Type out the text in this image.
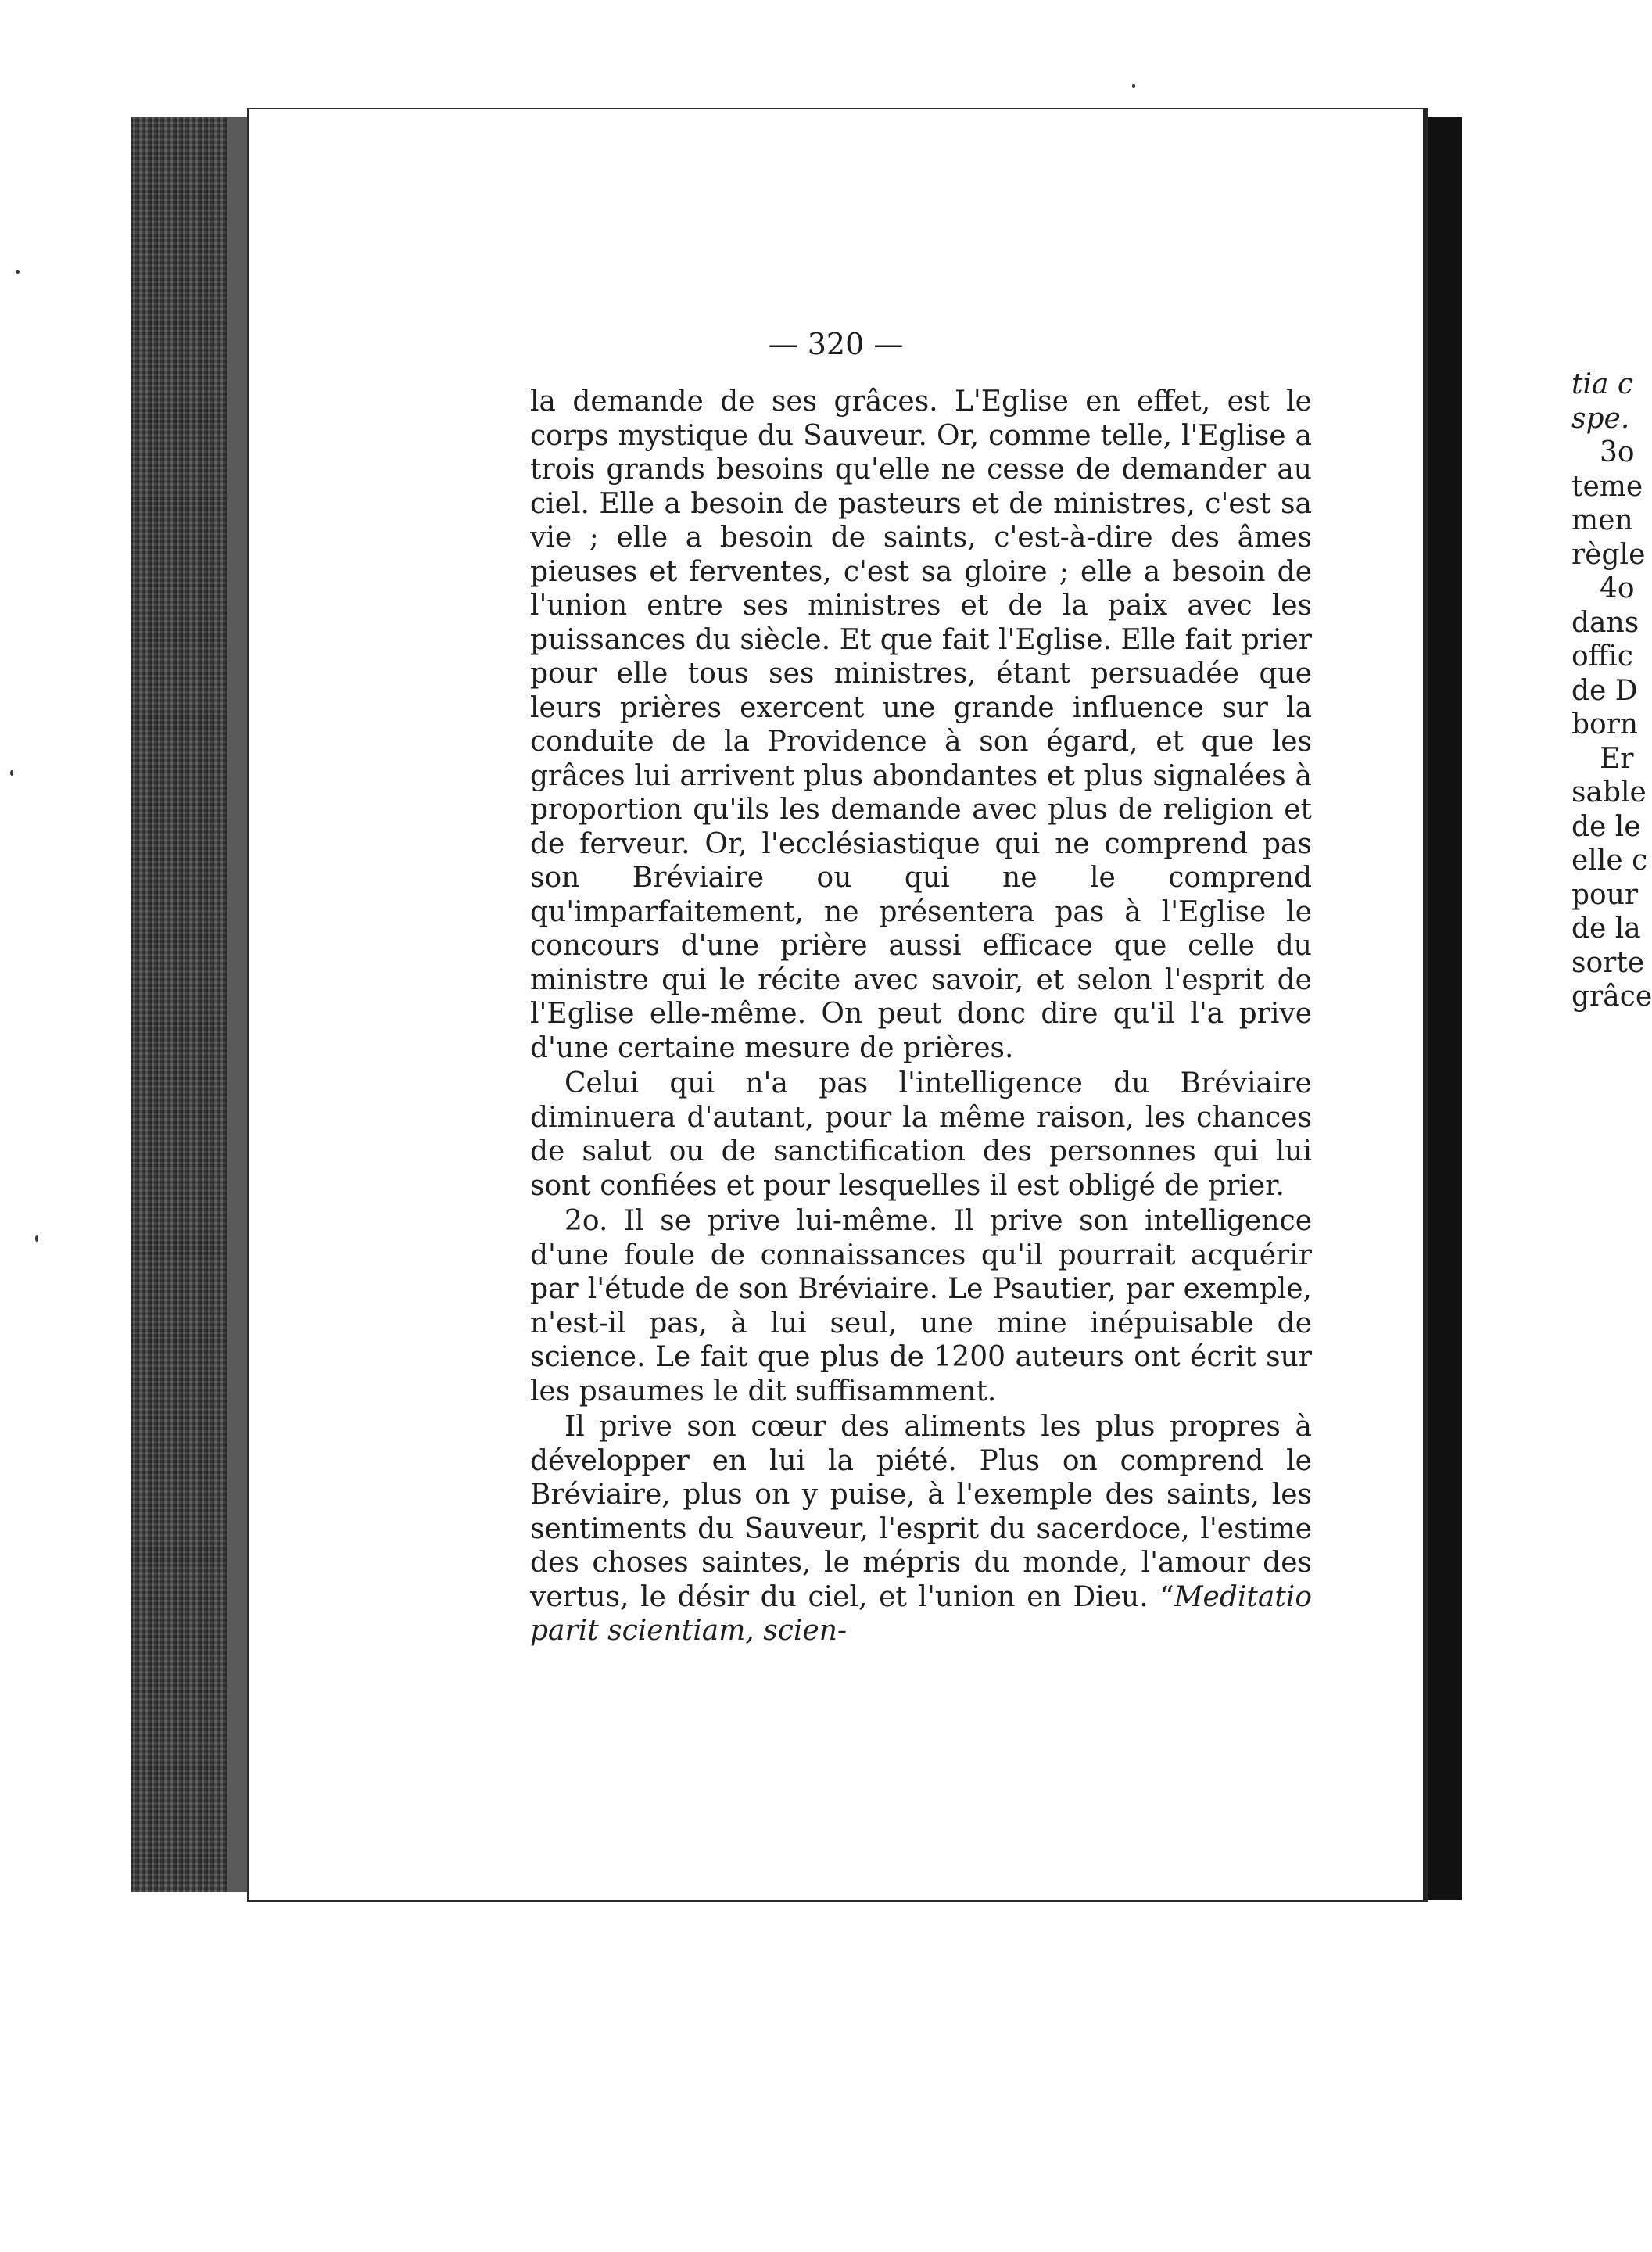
— 320 —

la demande de ses grâces. L'Eglise en effet, est le corps mystique du Sauveur. Or, comme telle, l'Eglise a trois grands besoins qu'elle ne cesse de demander au ciel. Elle a besoin de pasteurs et de ministres, c'est sa vie ; elle a besoin de saints, c'est-à-dire des âmes pieuses et ferventes, c'est sa gloire ; elle a besoin de l'union entre ses ministres et de la paix avec les puissances du siècle. Et que fait l'Eglise. Elle fait prier pour elle tous ses ministres, étant persuadée que leurs prières exercent une grande influence sur la conduite de la Providence à son égard, et que les grâces lui arrivent plus abondantes et plus signalées à proportion qu'ils les demande avec plus de religion et de ferveur. Or, l'ecclésiastique qui ne comprend pas son Bréviaire ou qui ne le comprend qu'imparfaitement, ne présentera pas à l'Eglise le concours d'une prière aussi efficace que celle du ministre qui le récite avec savoir, et selon l'esprit de l'Eglise elle-même. On peut donc dire qu'il l'a prive d'une certaine mesure de prières.

Celui qui n'a pas l'intelligence du Bréviaire diminuera d'autant, pour la même raison, les chances de salut ou de sanctification des personnes qui lui sont confiées et pour lesquelles il est obligé de prier.

2o. Il se prive lui-même. Il prive son intelligence d'une foule de connaissances qu'il pourrait acquérir par l'étude de son Bréviaire. Le Psautier, par exemple, n'est-il pas, à lui seul, une mine inépuisable de science. Le fait que plus de 1200 auteurs ont écrit sur les psaumes le dit suffisamment.

Il prive son cœur des aliments les plus propres à développer en lui la piété. Plus on comprend le Bréviaire, plus on y puise, à l'exemple des saints, les sentiments du Sauveur, l'esprit du sacerdoce, l'estime des choses saintes, le mépris du monde, l'amour des vertus, le désir du ciel, et l'union en Dieu. “Meditatio parit scientiam, scien-

tia c
spe.
3o
teme
men
règle
4o
dans
offic
de D
born
Er
sable
de le
elle c
pour
de la
sorte
grâce
